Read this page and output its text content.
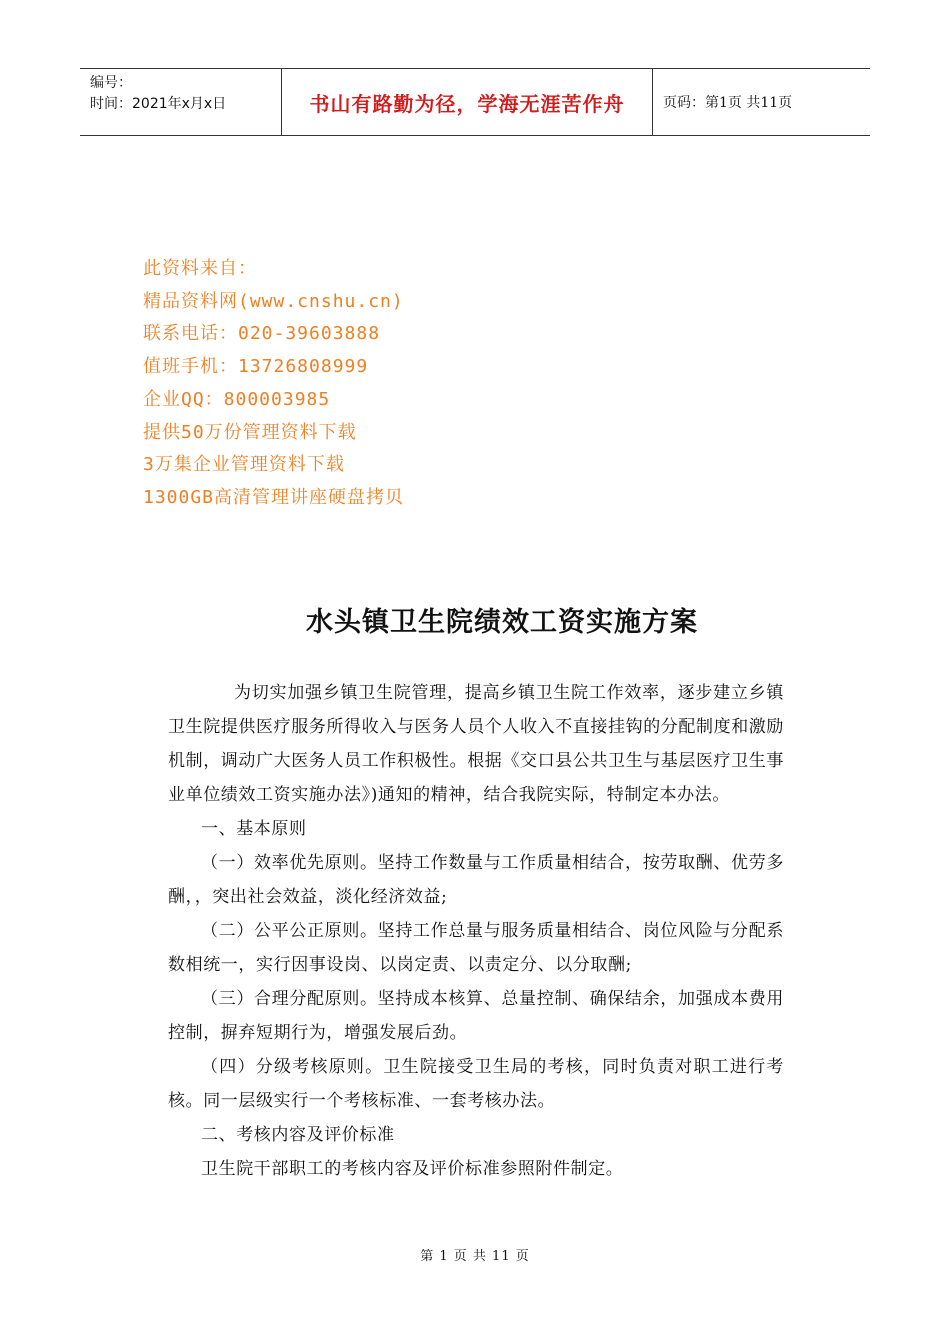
编号：
时间：2021年x月x日	书山有路勤为径，学海无涯苦作舟	页码：第1页 共11页
此资料来自：
精品资料网(www.cnshu.cn)
联系电话：020-39603888
值班手机：13726808999
企业QQ：800003985
提供50万份管理资料下载
3万集企业管理资料下载
1300GB高清管理讲座硬盘拷贝
水头镇卫生院绩效工资实施方案

为切实加强乡镇卫生院管理，提高乡镇卫生院工作效率，逐步建立乡镇卫生院提供医疗服务所得收入与医务人员个人收入不直接挂钩的分配制度和激励机制，调动广大医务人员工作积极性。根据《交口县公共卫生与基层医疗卫生事业单位绩效工资实施办法》)通知的精神，结合我院实际，特制定本办法。

一、基本原则

（一）效率优先原则。坚持工作数量与工作质量相结合，按劳取酬、优劳多酬，，突出社会效益，淡化经济效益;

（二）公平公正原则。坚持工作总量与服务质量相结合、岗位风险与分配系数相统一，实行因事设岗、以岗定责、以责定分、以分取酬;

（三）合理分配原则。坚持成本核算、总量控制、确保结余，加强成本费用控制，摒弃短期行为，增强发展后劲。

（四）分级考核原则。卫生院接受卫生局的考核，同时负责对职工进行考核。同一层级实行一个考核标准、一套考核办法。

二、考核内容及评价标准

卫生院干部职工的考核内容及评价标准参照附件制定。

第 1 页 共 11 页
